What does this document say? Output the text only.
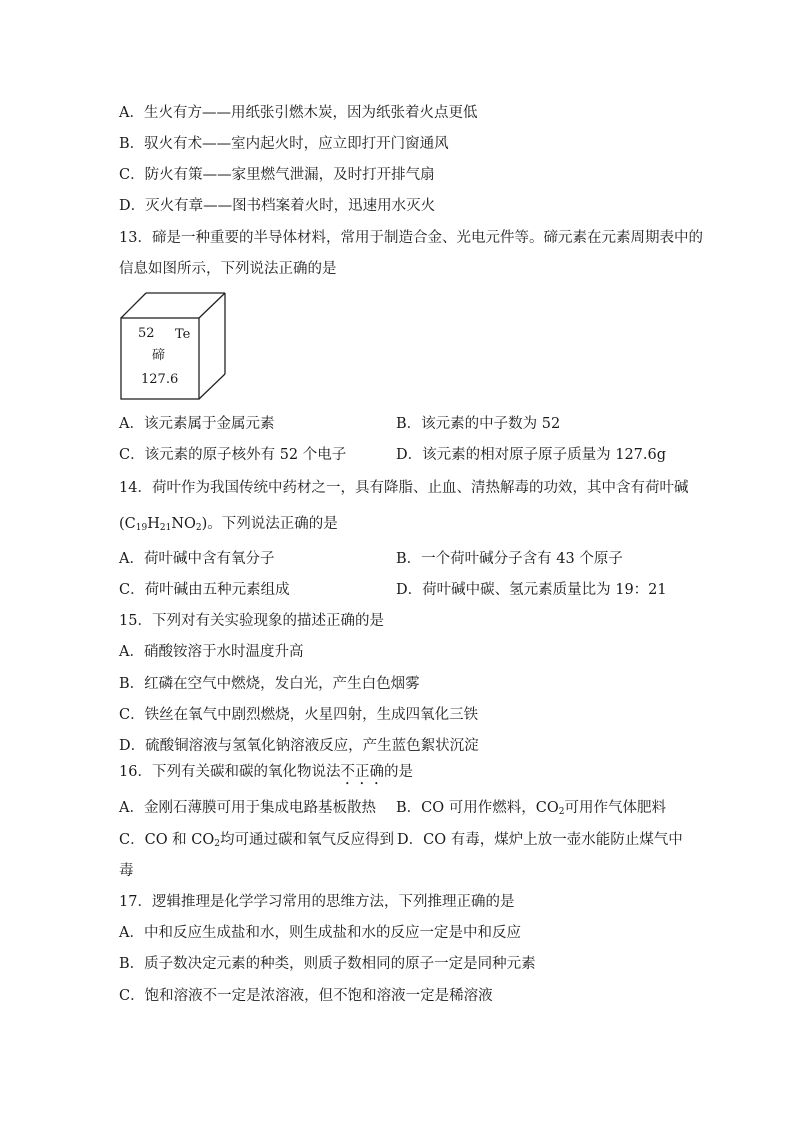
A．生火有方——用纸张引燃木炭，因为纸张着火点更低
B．驭火有术——室内起火时，应立即打开门窗通风
C．防火有策——家里燃气泄漏，及时打开排气扇
D．灭火有章——图书档案着火时，迅速用水灭火
13．碲是一种重要的半导体材料，常用于制造合金、光电元件等。碲元素在元素周期表中的
信息如图所示，下列说法正确的是
52 Te
碲
127.6
A．该元素属于金属元素	B．该元素的中子数为 52
C．该元素的原子核外有 52 个电子	D．该元素的相对原子原子质量为 127.6g
14．荷叶作为我国传统中药材之一，具有降脂、止血、清热解毒的功效，其中含有荷叶碱
$(C_{19}H_{21}NO_2)$。下列说法正确的是
A．荷叶碱中含有氧分子	B．一个荷叶碱分子含有 43 个原子
C．荷叶碱由五种元素组成	D．荷叶碱中碳、氢元素质量比为 19：21
15．下列对有关实验现象的描述正确的是
A．硝酸铵溶于水时温度升高
B．红磷在空气中燃烧，发白光，产生白色烟雾
C．铁丝在氧气中剧烈燃烧，火星四射，生成四氧化三铁
D．硫酸铜溶液与氢氧化钠溶液反应，产生蓝色絮状沉淀
16．下列有关碳和碳的氧化物说法不正确的是
A．金刚石薄膜可用于集成电路基板散热 B．CO 可用作燃料，$CO_2$可用作气体肥料
C．CO 和 $CO_2$均可通过碳和氧气反应得到 D．CO 有毒，煤炉上放一壶水能防止煤气中
毒
17．逻辑推理是化学学习常用的思维方法，下列推理正确的是
A．中和反应生成盐和水，则生成盐和水的反应一定是中和反应
B．质子数决定元素的种类，则质子数相同的原子一定是同种元素
C．饱和溶液不一定是浓溶液，但不饱和溶液一定是稀溶液
